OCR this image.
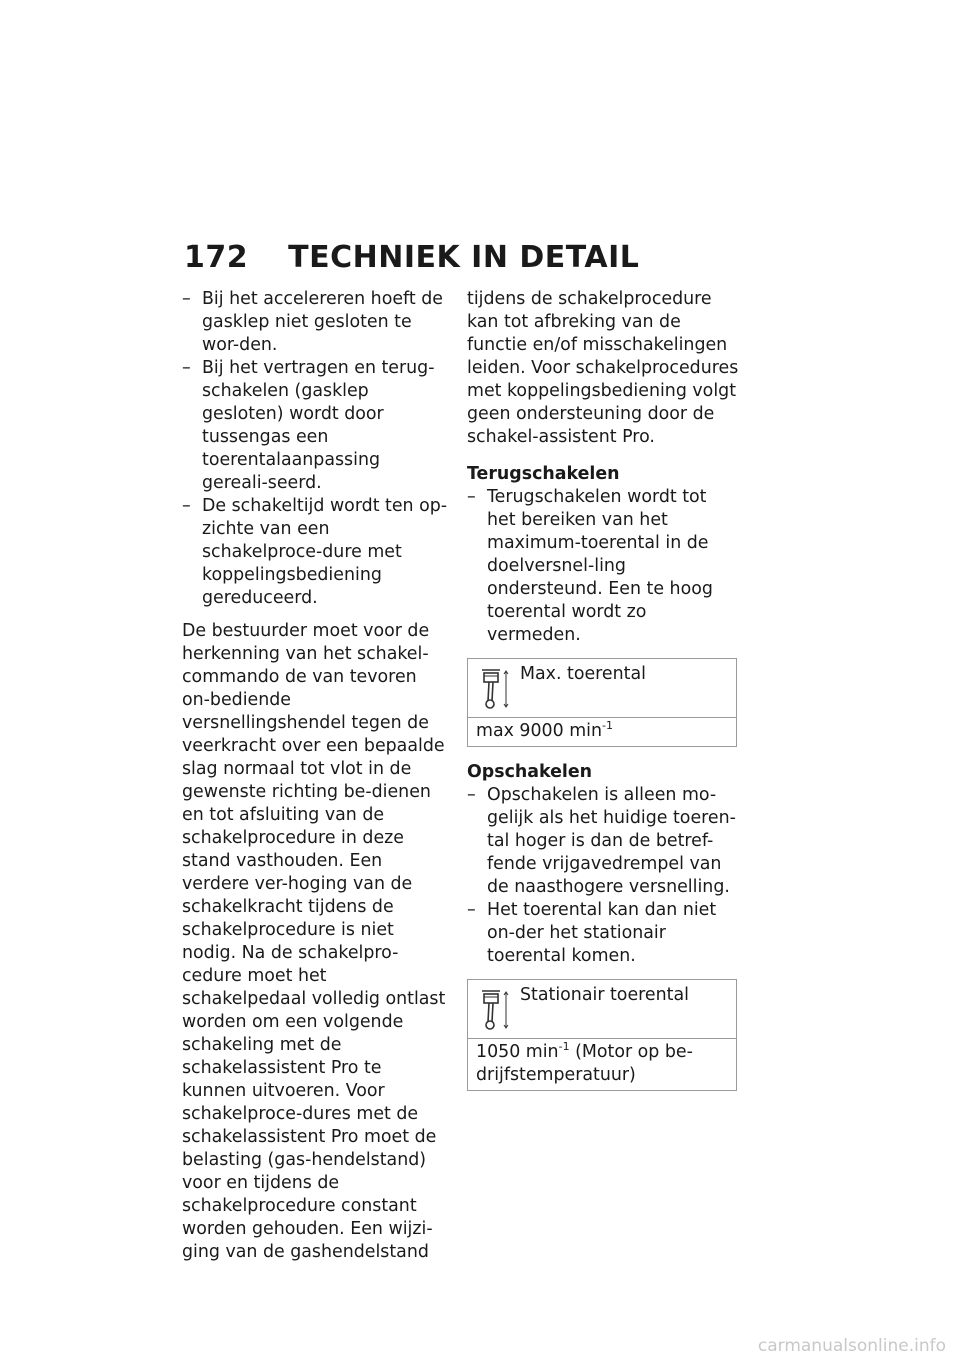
172 TECHNIEK IN DETAIL
– Bij het accelereren hoeft de gasklep niet gesloten te wor-den.
– Bij het vertragen en terug-schakelen (gasklep gesloten) wordt door tussengas een toerentalaanpassing gereali-seerd.
– De schakeltijd wordt ten op-zichte van een schakelproce-dure met koppelingsbediening gereduceerd.

De bestuurder moet voor de herkenning van het schakel-commando de van tevoren on-bediende versnellingshendel tegen de veerkracht over een bepaalde slag normaal tot vlot in de gewenste richting be-dienen en tot afsluiting van de schakelprocedure in deze stand vasthouden. Een verdere ver-hoging van de schakelkracht tijdens de schakelprocedure is niet nodig. Na de schakelpro-cedure moet het schakelpedaal volledig ontlast worden om een volgende schakeling met de schakelassistent Pro te kunnen uitvoeren. Voor schakelproce-dures met de schakelassistent Pro moet de belasting (gas-hendelstand) voor en tijdens de schakelprocedure constant worden gehouden. Een wijzi-ging van de gashendelstand

tijdens de schakelprocedure kan tot afbreking van de functie en/of misschakelingen leiden. Voor schakelprocedures met koppelingsbediening volgt geen ondersteuning door de schakel-assistent Pro.

Terugschakelen
– Terugschakelen wordt tot het bereiken van het maximum-toerental in de doelversnel-ling ondersteund. Een te hoog toerental wordt zo vermeden.
Max. toerental
max 9000 $\min^{-1}$
Opschakelen
– Opschakelen is alleen mo-gelijk als het huidige toeren-tal hoger is dan de betref-fende vrijgavedrempel van de naasthogere versnelling.
– Het toerental kan dan niet on-der het stationair toerental komen.
Stationair toerental
1050 $\min^{-1}$ (Motor op be-drijfstemperatuur)
carmanualsonline.info
